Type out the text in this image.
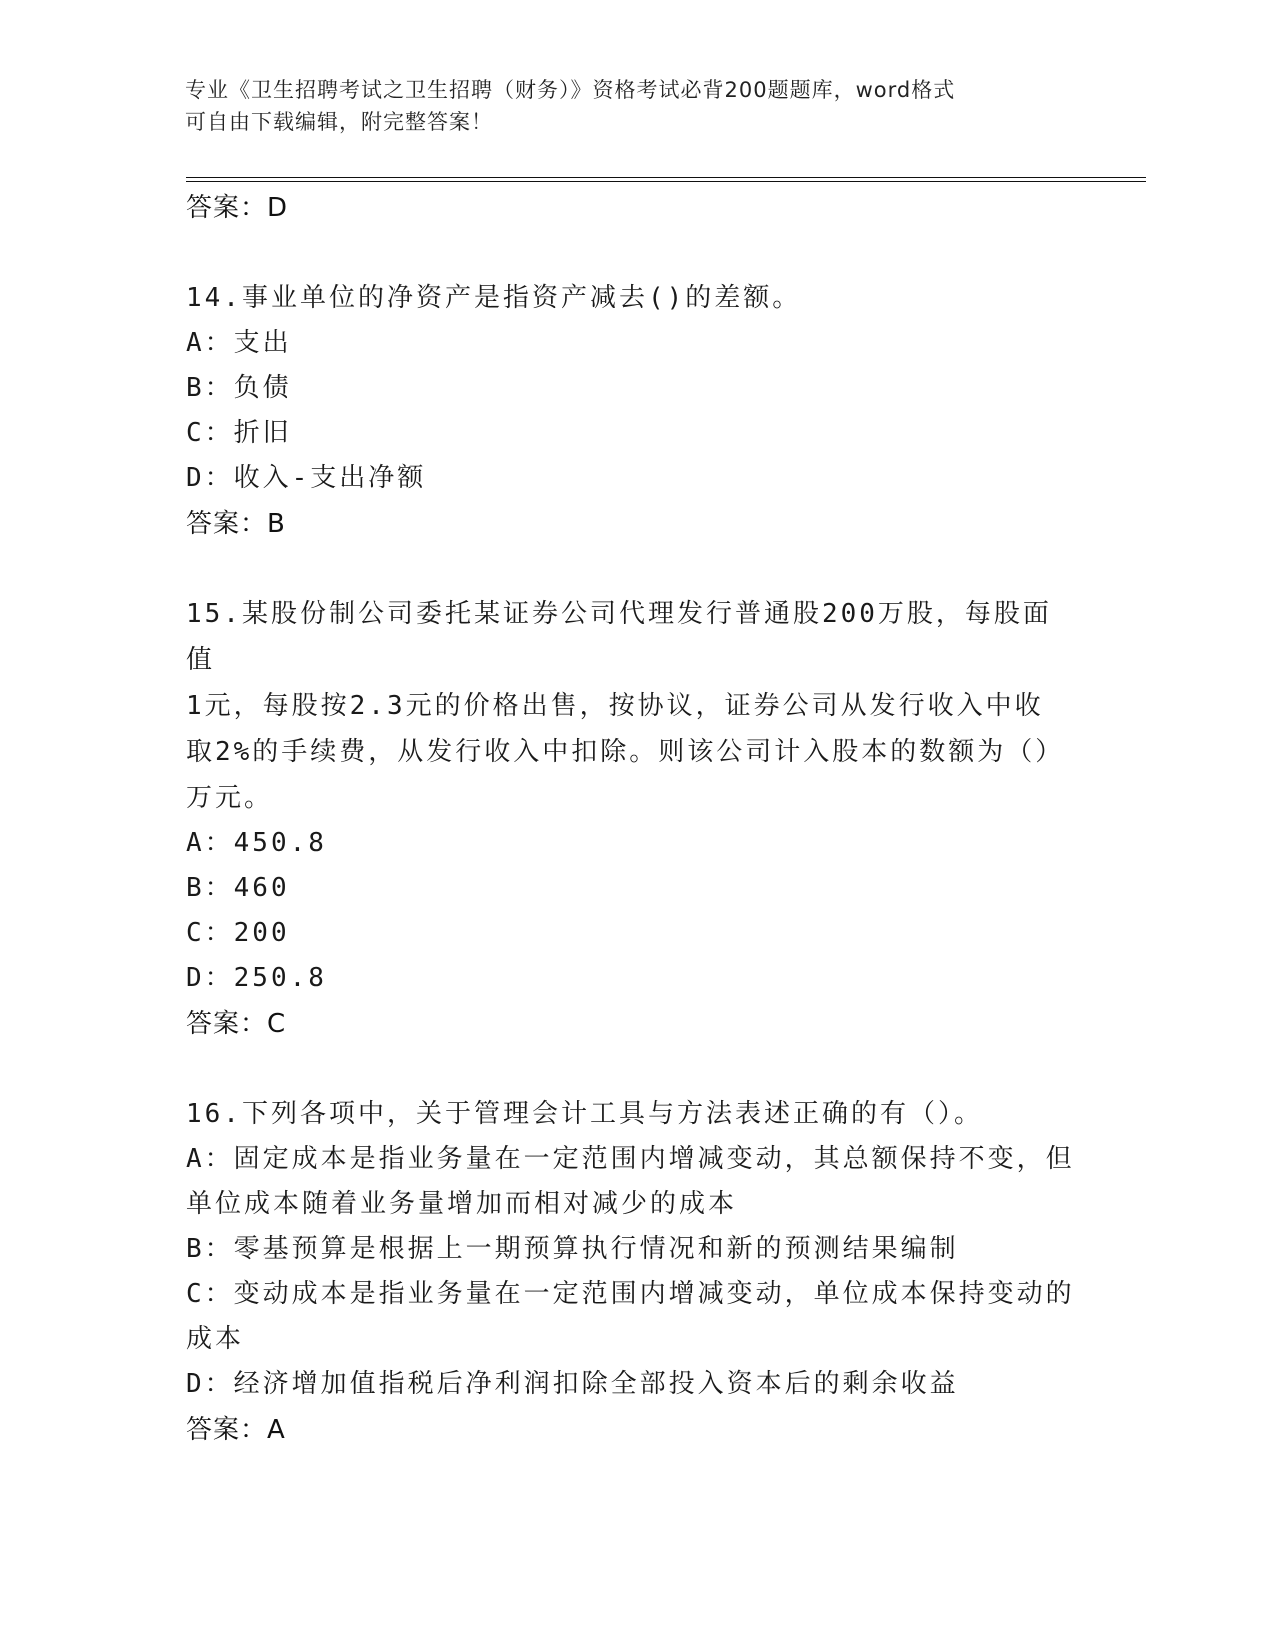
专业《卫生招聘考试之卫生招聘（财务）》资格考试必背200题题库，word格式
可自由下载编辑，附完整答案！
答案：D
14.事业单位的净资产是指资产减去()的差额。
A：支出
B：负债
C：折旧
D：收入-支出净额
答案：B
15.某股份制公司委托某证券公司代理发行普通股200万股，每股面值
1元，每股按2.3元的价格出售，按协议，证券公司从发行收入中收
取2%的手续费，从发行收入中扣除。则该公司计入股本的数额为（）
万元。
A：450.8
B：460
C：200
D：250.8
答案：C
16.下列各项中，关于管理会计工具与方法表述正确的有（）。
A：固定成本是指业务量在一定范围内增减变动，其总额保持不变，但
单位成本随着业务量增加而相对减少的成本
B：零基预算是根据上一期预算执行情况和新的预测结果编制
C：变动成本是指业务量在一定范围内增减变动，单位成本保持变动的
成本
D：经济增加值指税后净利润扣除全部投入资本后的剩余收益
答案：A
